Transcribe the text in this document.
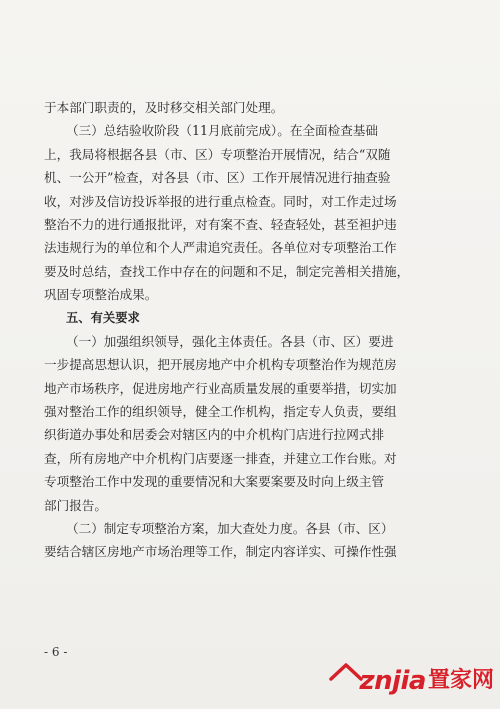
于本部门职责的，及时移交相关部门处理。
（三）总结验收阶段（11月底前完成）。在全面检查基础
上，我局将根据各县（市、区）专项整治开展情况，结合“双随
机、一公开”检查，对各县（市、区）工作开展情况进行抽查验
收，对涉及信访投诉举报的进行重点检查。同时，对工作走过场
整治不力的进行通报批评，对有案不查、轻查轻处，甚至袒护违
法违规行为的单位和个人严肃追究责任。各单位对专项整治工作
要及时总结，查找工作中存在的问题和不足，制定完善相关措施，
巩固专项整治成果。
五、有关要求
（一）加强组织领导，强化主体责任。各县（市、区）要进
一步提高思想认识，把开展房地产中介机构专项整治作为规范房
地产市场秩序，促进房地产行业高质量发展的重要举措，切实加
强对整治工作的组织领导，健全工作机构，指定专人负责，要组
织街道办事处和居委会对辖区内的中介机构门店进行拉网式排
查，所有房地产中介机构门店要逐一排查，并建立工作台账。对
专项整治工作中发现的重要情况和大案要案要及时向上级主管
部门报告。
（二）制定专项整治方案，加大查处力度。各县（市、区）
要结合辖区房地产市场治理等工作，制定内容详实、可操作性强
- 6 -
znjia 置家网
